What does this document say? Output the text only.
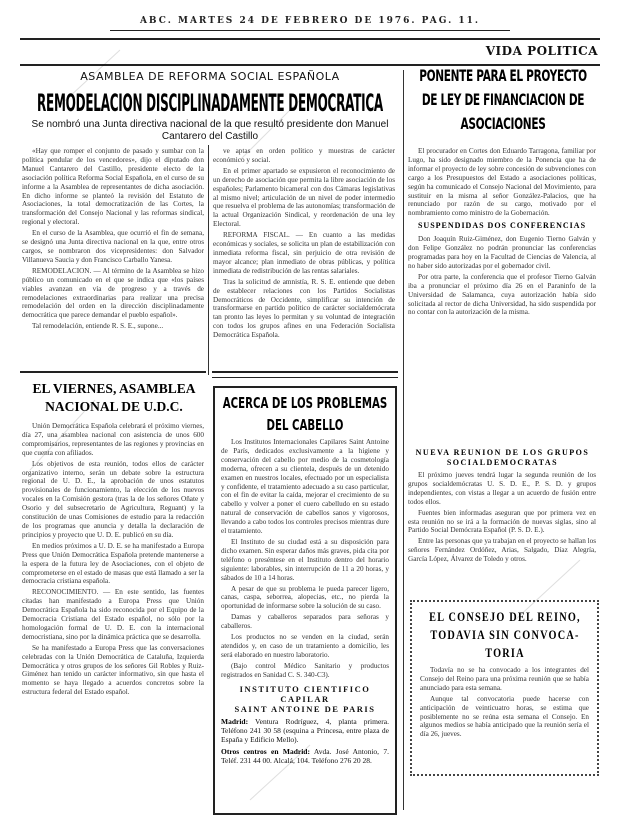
ABC. MARTES 24 DE FEBRERO DE 1976. PAG. 11.
VIDA POLITICA
ASAMBLEA DE REFORMA SOCIAL ESPAÑOLA
REMODELACION DISCIPLINADAMENTE DEMOCRATICA
Se nombró una Junta directiva nacional de la que resultó presidente don Manuel Cantarero del Castillo
PONENTE PARA EL PROYECTO
DE LEY DE FINANCIACION DE
ASOCIACIONES

«Hay que romper el conjunto de pasado y sumbar con la política pendular de los vencedores», dijo el diputado don Manuel Cantarero del Castillo, presidente electo de la asociación política Reforma Social Española, en el curso de su informe a la Asamblea de representantes de dicha asociación. En dicho informe se planteó la revisión del Estatuto de Asociaciones, la total democratización de las Cortes, la transformación del Consejo Nacional y las reformas sindical, regional y electoral.

En el curso de la Asamblea, que ocurrió el fin de semana, se designó una Junta directiva nacional en la que, entre otros cargos, se nombraron dos vicepresidentes: don Salvador Villanueva Saucia y don Francisco Carballo Yanesa.

REMODELACION. — Al término de la Asamblea se hizo público un comunicado en el que se indica que «los países viables avanzan en vía de progreso y a través de remodelaciones extraordinarias para realizar una precisa remodelación del orden en la dirección disciplinadamente democrática que parece demandar el pueblo español».

Tal remodelación, entiende R. S. E., supone...

ve aptas en orden político y muestras de carácter económico y social.

En el primer apartado se expusieron el reconocimiento de un derecho de asociación que permita la libre asociación de los españoles; Parlamento bicameral con dos Cámaras legislativas al mismo nivel; articulación de un nivel de poder intermedio que resuelva el problema de las autonomías; transformación de la actual Organización Sindical, y reordenación de una ley Electoral.

REFORMA FISCAL. — En cuanto a las medidas económicas y sociales, se solicita un plan de estabilización con inmediata reforma fiscal, sin perjuicio de otra revisión de mayor alcance; plan inmediato de obras públicas, y política inmediata de redistribución de las rentas salariales.

Tras la solicitud de amnistía, R. S. E. entiende que deben de establecer relaciones con los Partidos Socialistas Democráticos de Occidente, simplificar su intención de transformarse en partido político de carácter socialdemócrata tan pronto las leyes lo permitan y su voluntad de integración con todos los grupos afines en una Federación Socialista Democrática Española.

EL VIERNES, ASAMBLEA NACIONAL DE U.D.C.

Unión Democrática Española celebrará el próximo viernes, día 27, una asamblea nacional con asistencia de unos 600 compromisarios, representantes de las regiones y provincias en que cuenta con afiliados.

Los objetivos de esta reunión, todos ellos de carácter organizativo interno, serán un debate sobre la estructura regional de U. D. E., la aprobación de unos estatutos provisionales de funcionamiento, la elección de los nuevos vocales en la Comisión gestora (tras la de los señores Oñate y Osorio y del subsecretario de Agricultura, Reguant) y la constitución de unas Comisiones de estudio para la redacción de los programas que anuncia y detalla la declaración de principios y proyecto que U. D. E. publicó en su día.

En medios próximos a U. D. E. se ha manifestado a Europa Press que Unión Democrática Española pretende mantenerse a la espera de la futura ley de Asociaciones, con el objeto de comprometerse en el estado de masas que está llamado a ser la democracia cristiana española.

RECONOCIMIENTO. — En este sentido, las fuentes citadas han manifestado a Europa Press que Unión Democrática Española ha sido reconocida por el Equipo de la Democracia Cristiana del Estado español, no sólo por la homologación formal de U. D. E. con la internacional democristiana, sino por la dinámica práctica que se desarrolla.

Se ha manifestado a Europa Press que las conversaciones celebradas con la Unión Democrática de Cataluña, Izquierda Democrática y otros grupos de los señores Gil Robles y Ruiz-Giménez han tenido un carácter informativo, sin que hasta el momento se haya llegado a acuerdos concretos sobre la estructura federal del Estado español.

ACERCA DE LOS PROBLEMAS
DEL CABELLO

Los Institutos Internacionales Capilares Saint Antoine de París, dedicados exclusivamente a la higiene y conservación del cabello por medio de la cosmetología moderna, ofrecen a su clientela, después de un detenido examen en nuestros locales, efectuado por un especialista y confidente, el tratamiento adecuado a su caso particular, con el fin de evitar la caída, mejorar el crecimiento de su cabello y volver a poner el cuero cabelludo en su estado natural de conservación de cabellos sanos y vigorosos, llevando a cabo todos los controles precisos mientras dure el tratamiento.

El Instituto de su ciudad está a su disposición para dicho examen. Sin esperar daños más graves, pida cita por teléfono o preséntese en el Instituto dentro del horario siguiente: laborables, sin interrupción de 11 a 20 horas, y sábados de 10 a 14 horas.

A pesar de que su problema le pueda parecer ligero, canas, caspa, seborrea, alopecias, etc., no pierda la oportunidad de informarse sobre la solución de su caso.

Damas y caballeros separados para señoras y caballeros.

Los productos no se venden en la ciudad, serán atendidos y, en caso de un tratamiento a domicilio, les será elaborado en nuestro laboratorio.

(Bajo control Médico Sanitario y productos registrados en Sanidad C. S. 340-C3).

INSTITUTO CIENTIFICO CAPILAR
SAINT ANTOINE DE PARIS
Madrid: Ventura Rodríguez, 4, planta primera. Teléfono 241 30 58 (esquina a Princesa, entre plaza de España y Edificio Mello).
Otros centros en Madrid: Avda. José Antonio, 7. Teléf. 231 44 00. Alcalá, 104. Teléfono 276 20 28.

El procurador en Cortes don Eduardo Tarragona, familiar por Lugo, ha sido designado miembro de la Ponencia que ha de informar el proyecto de ley sobre concesión de subvenciones con cargo a los Presupuestos del Estado a asociaciones políticas, según ha comunicado el Consejo Nacional del Movimiento, para sustituir en la misma al señor González-Palacios, que ha renunciado por razón de su cargo, motivado por el nombramiento como ministro de la Gobernación.

SUSPENDIDAS DOS CONFERENCIAS

Don Joaquín Ruiz-Giménez, don Eugenio Tierno Galván y don Felipe González no podrán pronunciar las conferencias programadas para hoy en la Facultad de Ciencias de Valencia, al no haber sido autorizadas por el gobernador civil.

Por otra parte, la conferencia que el profesor Tierno Galván iba a pronunciar el próximo día 26 en el Paraninfo de la Universidad de Salamanca, cuya autorización había sido solicitada al rector de dicha Universidad, ha sido suspendida por no contar con la autorización de la misma.

NUEVA REUNION DE LOS GRUPOS SOCIALDEMOCRATAS

El próximo jueves tendrá lugar la segunda reunión de los grupos socialdemócratas U. S. D. E., P. S. D. y grupos independientes, con vistas a llegar a un acuerdo de fusión entre todos ellos.

Fuentes bien informadas aseguran que por primera vez en esta reunión no se irá a la formación de nuevas siglas, sino al Partido Social Demócrata Español (P. S. D. E.).

Entre las personas que ya trabajan en el proyecto se hallan los señores Fernández Ordóñez, Arias, Salgado, Díaz Alegría, García López, Álvarez de Toledo y otros.

EL CONSEJO DEL REINO,
TODAVIA SIN CONVOCA-
TORIA

Todavía no se ha convocado a los integrantes del Consejo del Reino para una próxima reunión que se había anunciado para esta semana.

Aunque tal convocatoria puede hacerse con anticipación de veinticuatro horas, se estima que posiblemente no se reúna esta semana el Consejo. En algunos medios se había anticipado que la reunión sería el día 26, jueves.
